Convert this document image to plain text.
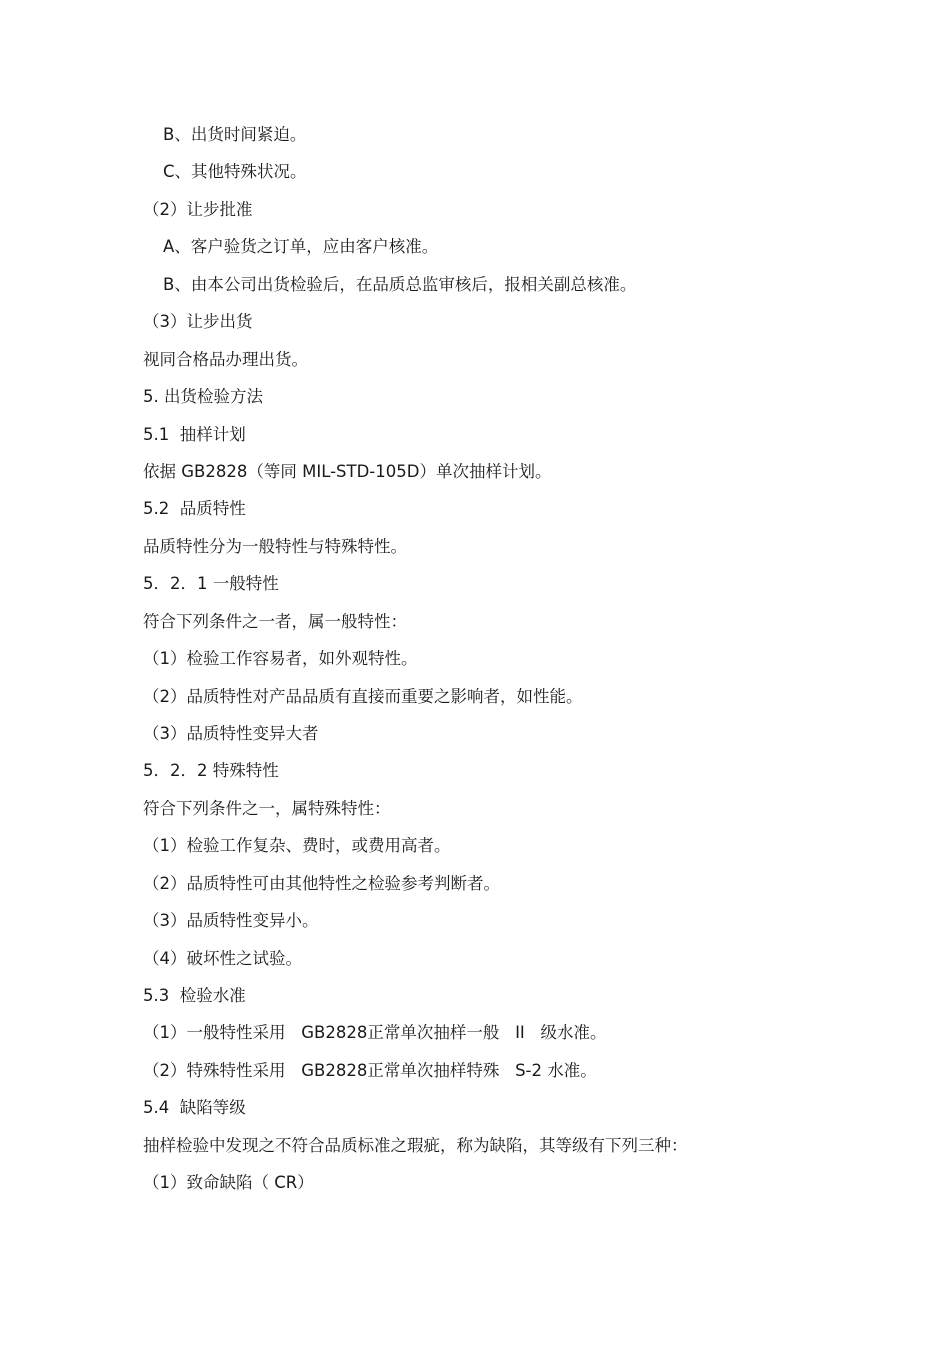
B、出货时间紧迫。

C、其他特殊状况。

（2）让步批准

A、客户验货之订单，应由客户核准。

B、由本公司出货检验后，在品质总监审核后，报相关副总核准。

（3）让步出货

视同合格品办理出货。

5. 出货检验方法

5.1  抽样计划

依据 GB2828（等同 MIL-STD-105D）单次抽样计划。

5.2  品质特性

品质特性分为一般特性与特殊特性。

5．2．1 一般特性

符合下列条件之一者，属一般特性：

（1）检验工作容易者，如外观特性。

（2）品质特性对产品品质有直接而重要之影响者，如性能。

（3）品质特性变异大者

5．2．2 特殊特性

符合下列条件之一，属特殊特性：

（1）检验工作复杂、费时，或费用高者。

（2）品质特性可由其他特性之检验参考判断者。

（3）品质特性变异小。

（4）破坏性之试验。

5.3  检验水准

（1）一般特性采用   GB2828正常单次抽样一般   II   级水准。

（2）特殊特性采用   GB2828正常单次抽样特殊   S-2 水准。

5.4  缺陷等级

抽样检验中发现之不符合品质标准之瑕疵，称为缺陷，其等级有下列三种：

（1）致命缺陷（ CR）
